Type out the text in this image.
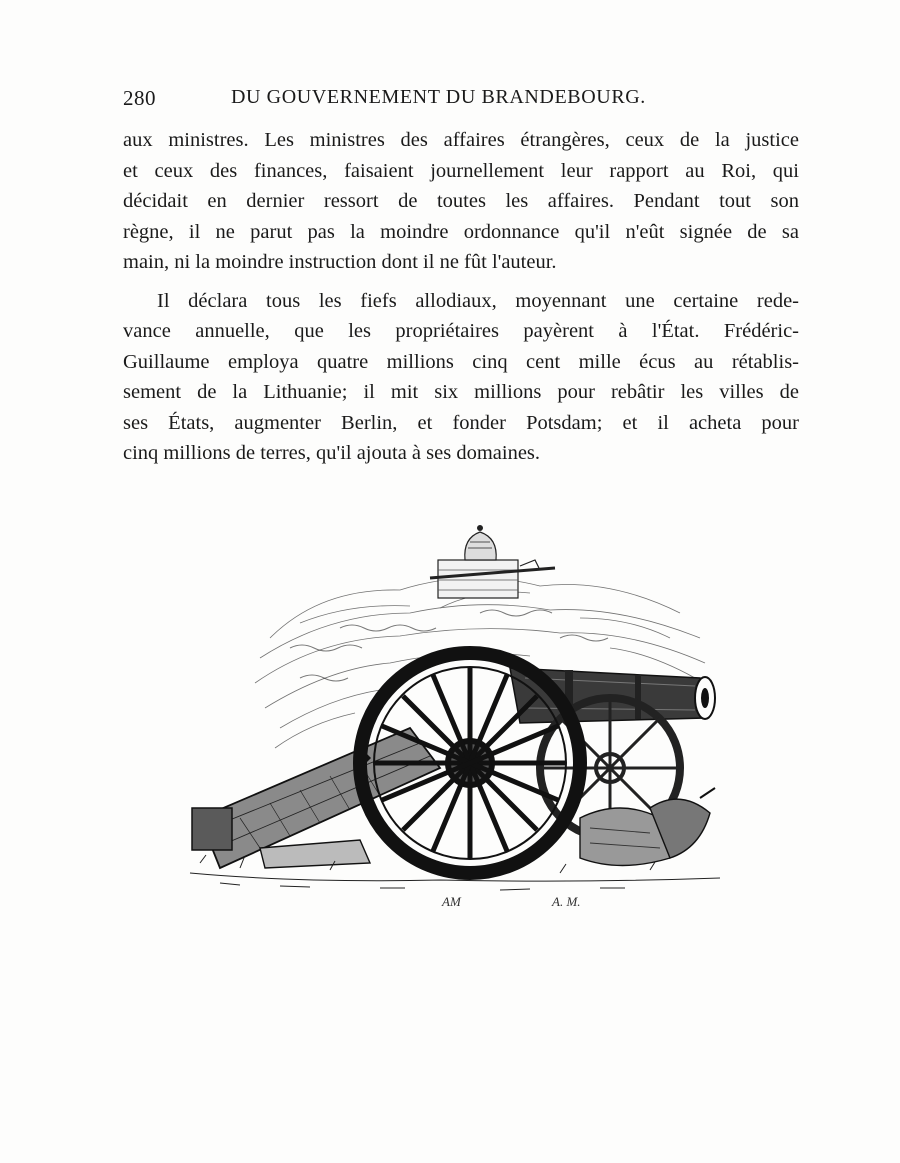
280	DU GOUVERNEMENT DU BRANDEBOURG.
aux ministres. Les ministres des affaires étrangères, ceux de la justice
et ceux des finances, faisaient journellement leur rapport au Roi, qui
décidait en dernier ressort de toutes les affaires. Pendant tout son
règne, il ne parut pas la moindre ordonnance qu'il n'eût signée de sa
main, ni la moindre instruction dont il ne fût l'auteur.
Il déclara tous les fiefs allodiaux, moyennant une certaine rede-
vance annuelle, que les propriétaires payèrent à l'État. Frédéric-
Guillaume employa quatre millions cinq cent mille écus au rétablis-
sement de la Lithuanie; il mit six millions pour rebâtir les villes de
ses États, augmenter Berlin, et fonder Potsdam; et il acheta pour
cinq millions de terres, qu'il ajouta à ses domaines.
AM	A. M.
